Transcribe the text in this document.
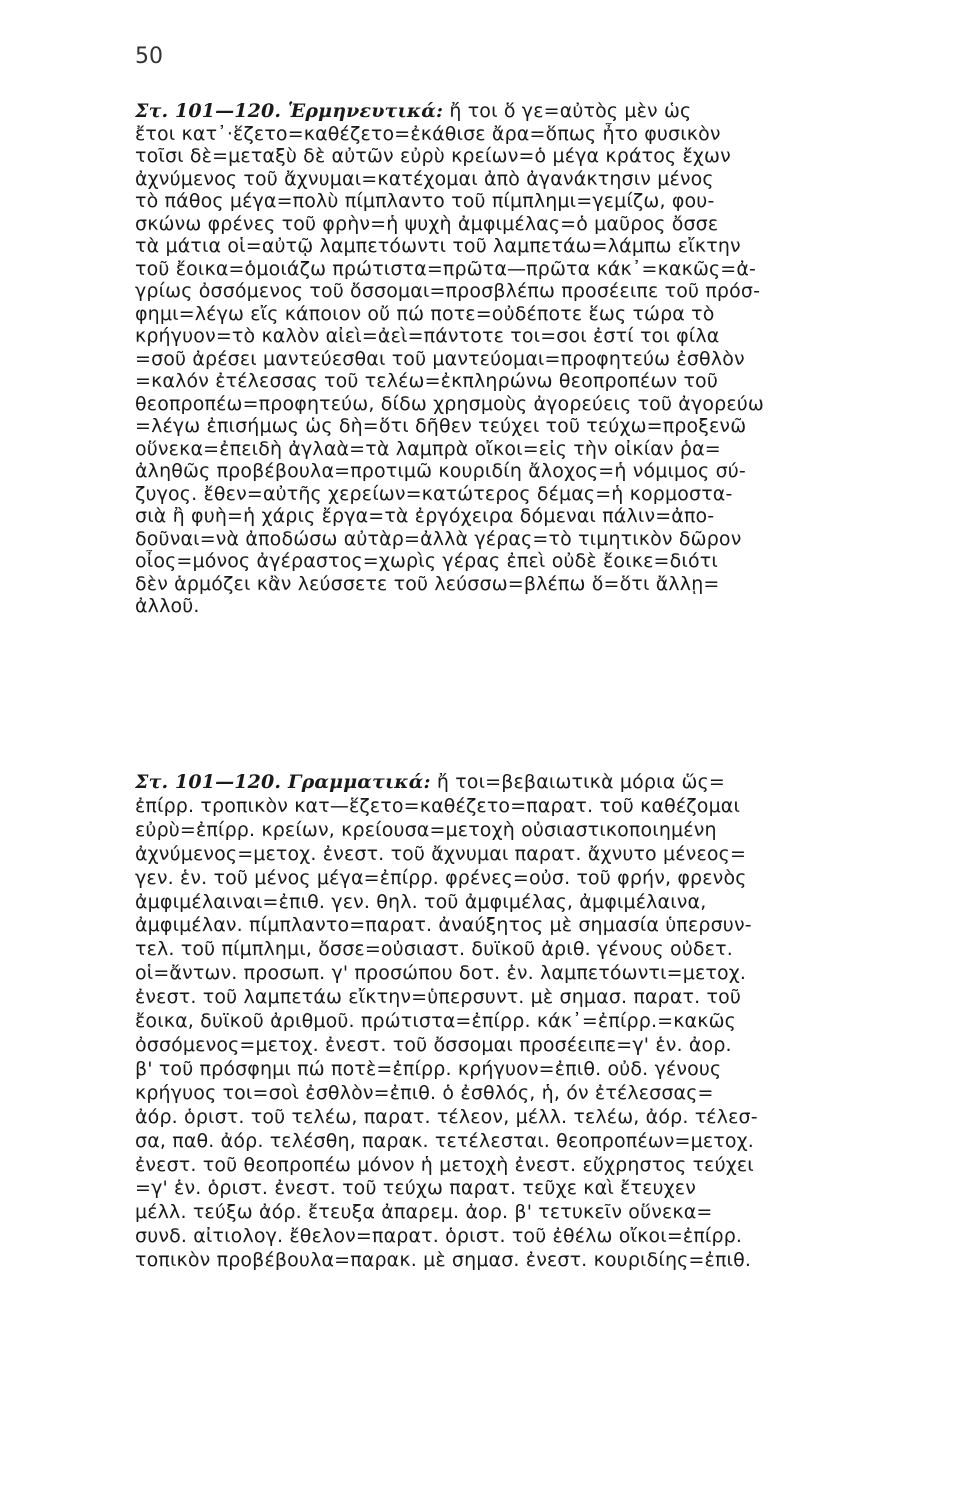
50
Στ. 101—120. Ἑρμηνευτικά: ἤ τοι ὅ γε=αὐτὸς μὲν ὡς
ἔτοι κατ᾽·ἕζετο=καθέζετο=ἐκάθισε ἄρα=ὅπως ἦτο φυσικὸν
τοῖσι δὲ=μεταξὺ δὲ αὐτῶν εὐρὺ κρείων=ὁ μέγα κράτος ἔχων
ἀχνύμενος τοῦ ἄχνυμαι=κατέχομαι ἀπὸ ἀγανάκτησιν μένος
τὸ πάθος μέγα=πολὺ πίμπλαντο τοῦ πίμπλημι=γεμίζω, φου-
σκώνω φρένες τοῦ φρὴν=ἡ ψυχὴ ἀμφιμέλας=ὁ μαῦρος ὄσσε
τὰ μάτια οἱ=αὐτῷ λαμπετόωντι τοῦ λαμπετάω=λάμπω εἴκτην
τοῦ ἔοικα=ὁμοιάζω πρώτιστα=πρῶτα—πρῶτα κάκ᾽=κακῶς=ἀ-
γρίως ὀσσόμενος τοῦ ὄσσομαι=προσβλέπω προσέειπε τοῦ πρόσ-
φημι=λέγω εἴς κάποιον οὔ πώ ποτε=οὐδέποτε ἕως τώρα τὸ
κρήγυον=τὸ καλὸν αἰεὶ=ἀεὶ=πάντοτε τοι=σοι ἐστί τοι φίλα
=σοῦ ἀρέσει μαντεύεσθαι τοῦ μαντεύομαι=προφητεύω ἐσθλὸν
=καλόν ἐτέλεσσας τοῦ τελέω=ἐκπληρώνω θεοπροπέων τοῦ
θεοπροπέω=προφητεύω, δίδω χρησμοὺς ἀγορεύεις τοῦ ἀγορεύω
=λέγω ἐπισήμως ὡς δὴ=ὅτι δῆθεν τεύχει τοῦ τεύχω=προξενῶ
οὕνεκα=ἐπειδὴ ἀγλαὰ=τὰ λαμπρὰ οἴκοι=εἰς τὴν οἰκίαν ῥα=
ἀληθῶς προβέβουλα=προτιμῶ κουριδίη ἄλοχος=ἡ νόμιμος σύ-
ζυγος. ἔθεν=αὐτῆς χερείων=κατώτερος δέμας=ἡ κορμοστα-
σιὰ ἢ φυὴ=ἡ χάρις ἔργα=τὰ ἐργόχειρα δόμεναι πάλιν=ἀπο-
δοῦναι=νὰ ἀποδώσω αὐτὰρ=ἀλλὰ γέρας=τὸ τιμητικὸν δῶρον
οἶος=μόνος ἀγέραστος=χωρὶς γέρας ἐπεὶ οὐδὲ ἔοικε=διότι
δὲν ἁρμόζει κἂν λεύσσετε τοῦ λεύσσω=βλέπω ὅ=ὅτι ἄλλῃ=
ἀλλοῦ.
Στ. 101—120. Γραμματικά: ἤ τοι=βεβαιωτικὰ μόρια ὥς=
ἐπίρρ. τροπικὸν κατ—ἕζετο=καθέζετο=παρατ. τοῦ καθέζομαι
εὐρὺ=ἐπίρρ. κρείων, κρείουσα=μετοχὴ οὐσιαστικοποιημένη
ἀχνύμενος=μετοχ. ἐνεστ. τοῦ ἄχνυμαι παρατ. ἄχνυτο μένεος=
γεν. ἑν. τοῦ μένος μέγα=ἐπίρρ. φρένες=οὐσ. τοῦ φρήν, φρενὸς
ἀμφιμέλαιναι=ἐπιθ. γεν. θηλ. τοῦ ἀμφιμέλας, ἀμφιμέλαινα,
ἀμφιμέλαν. πίμπλαντο=παρατ. ἀναύξητος μὲ σημασία ὑπερσυν-
τελ. τοῦ πίμπλημι, ὄσσε=οὐσιαστ. δυϊκοῦ ἀριθ. γένους οὐδετ.
οἱ=ἄντων. προσωπ. γ' προσώπου δοτ. ἑν. λαμπετόωντι=μετοχ.
ἐνεστ. τοῦ λαμπετάω εἴκτην=ὑπερσυντ. μὲ σημασ. παρατ. τοῦ
ἔοικα, δυϊκοῦ ἀριθμοῦ. πρώτιστα=ἐπίρρ. κάκ᾽=ἐπίρρ.=κακῶς
ὀσσόμενος=μετοχ. ἐνεστ. τοῦ ὄσσομαι προσέειπε=γ' ἑν. ἀορ.
β' τοῦ πρόσφημι πώ ποτὲ=ἐπίρρ. κρήγυον=ἐπιθ. οὐδ. γένους
κρήγυος τοι=σοὶ ἐσθλὸν=ἐπιθ. ὁ ἐσθλός, ἡ, όν ἐτέλεσσας=
ἀόρ. ὁριστ. τοῦ τελέω, παρατ. τέλεον, μέλλ. τελέω, ἀόρ. τέλεσ-
σα, παθ. ἀόρ. τελέσθη, παρακ. τετέλεσται. θεοπροπέων=μετοχ.
ἐνεστ. τοῦ θεοπροπέω μόνον ἡ μετοχὴ ἐνεστ. εὔχρηστος τεύχει
=γ' ἑν. ὁριστ. ἐνεστ. τοῦ τεύχω παρατ. τεῦχε καὶ ἔτευχεν
μέλλ. τεύξω ἀόρ. ἔτευξα ἀπαρεμ. ἀορ. β' τετυκεῖν οὕνεκα=
συνδ. αἰτιολογ. ἔθελον=παρατ. ὁριστ. τοῦ ἐθέλω οἴκοι=ἐπίρρ.
τοπικὸν προβέβουλα=παρακ. μὲ σημασ. ἐνεστ. κουριδίης=ἐπιθ.
